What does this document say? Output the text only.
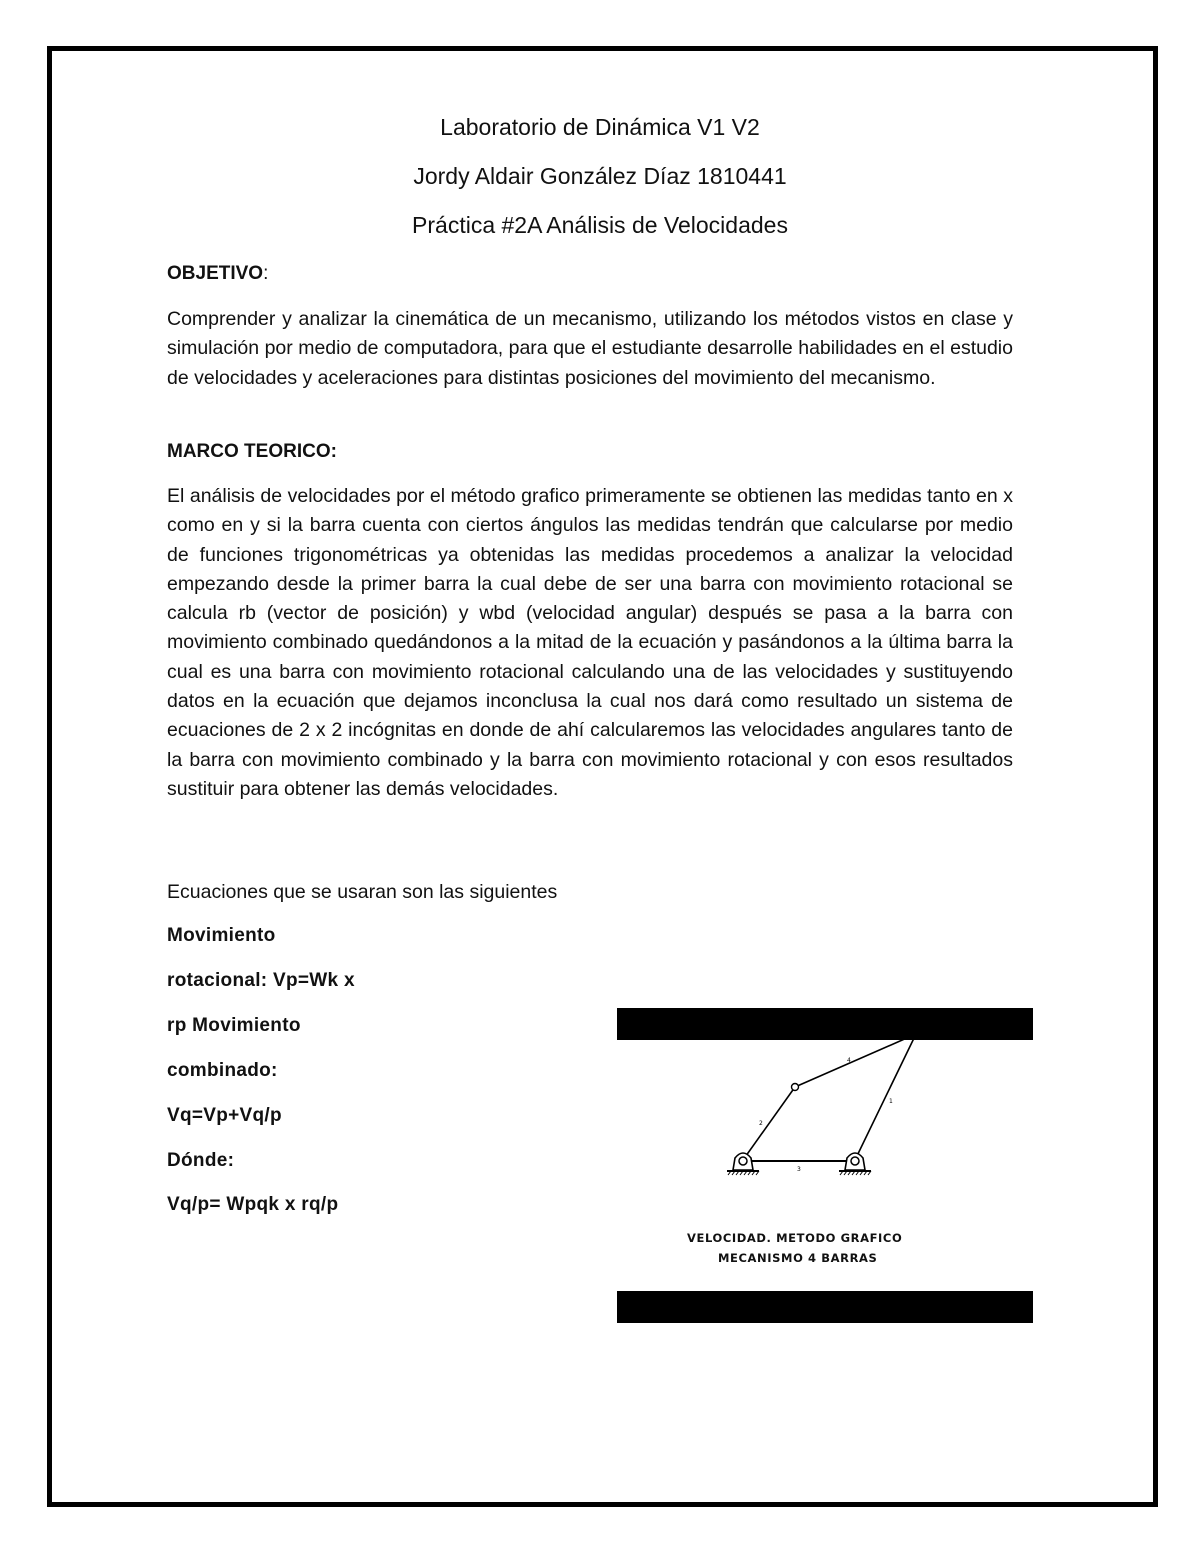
Laboratorio de Dinámica V1 V2
Jordy Aldair González Díaz 1810441
Práctica #2A Análisis de Velocidades
OBJETIVO:
Comprender y analizar la cinemática de un mecanismo, utilizando los métodos vistos en clase y simulación por medio de computadora, para que el estudiante desarrolle habilidades en el estudio de velocidades y aceleraciones para distintas posiciones del movimiento del mecanismo.
MARCO TEORICO:
El análisis de velocidades por el método grafico primeramente se obtienen las medidas tanto en x como en y si la barra cuenta con ciertos ángulos las medidas tendrán que calcularse por medio de funciones trigonométricas ya obtenidas las medidas procedemos a analizar la velocidad empezando desde la primer barra la cual debe de ser una barra con movimiento rotacional se calcula rb (vector de posición) y wbd (velocidad angular) después se pasa a la barra con movimiento combinado quedándonos a la mitad de la ecuación y pasándonos a la última barra la cual es una barra con movimiento rotacional calculando una de las velocidades y sustituyendo datos en la ecuación que dejamos inconclusa la cual nos dará como resultado un sistema de ecuaciones de 2 x 2 incógnitas en donde de ahí calcularemos las velocidades angulares tanto de la barra con movimiento combinado y la barra con movimiento rotacional y con esos resultados sustituir para obtener las demás velocidades.
Ecuaciones que se usaran son las siguientes
Movimiento
rotacional: Vp=Wk x
rp Movimiento
combinado:
Vq=Vp+Vq/p
Dónde:
Vq/p= Wpqk x rq/p
2
4
3
1
VELOCIDAD. METODO GRAFICO
MECANISMO 4 BARRAS
